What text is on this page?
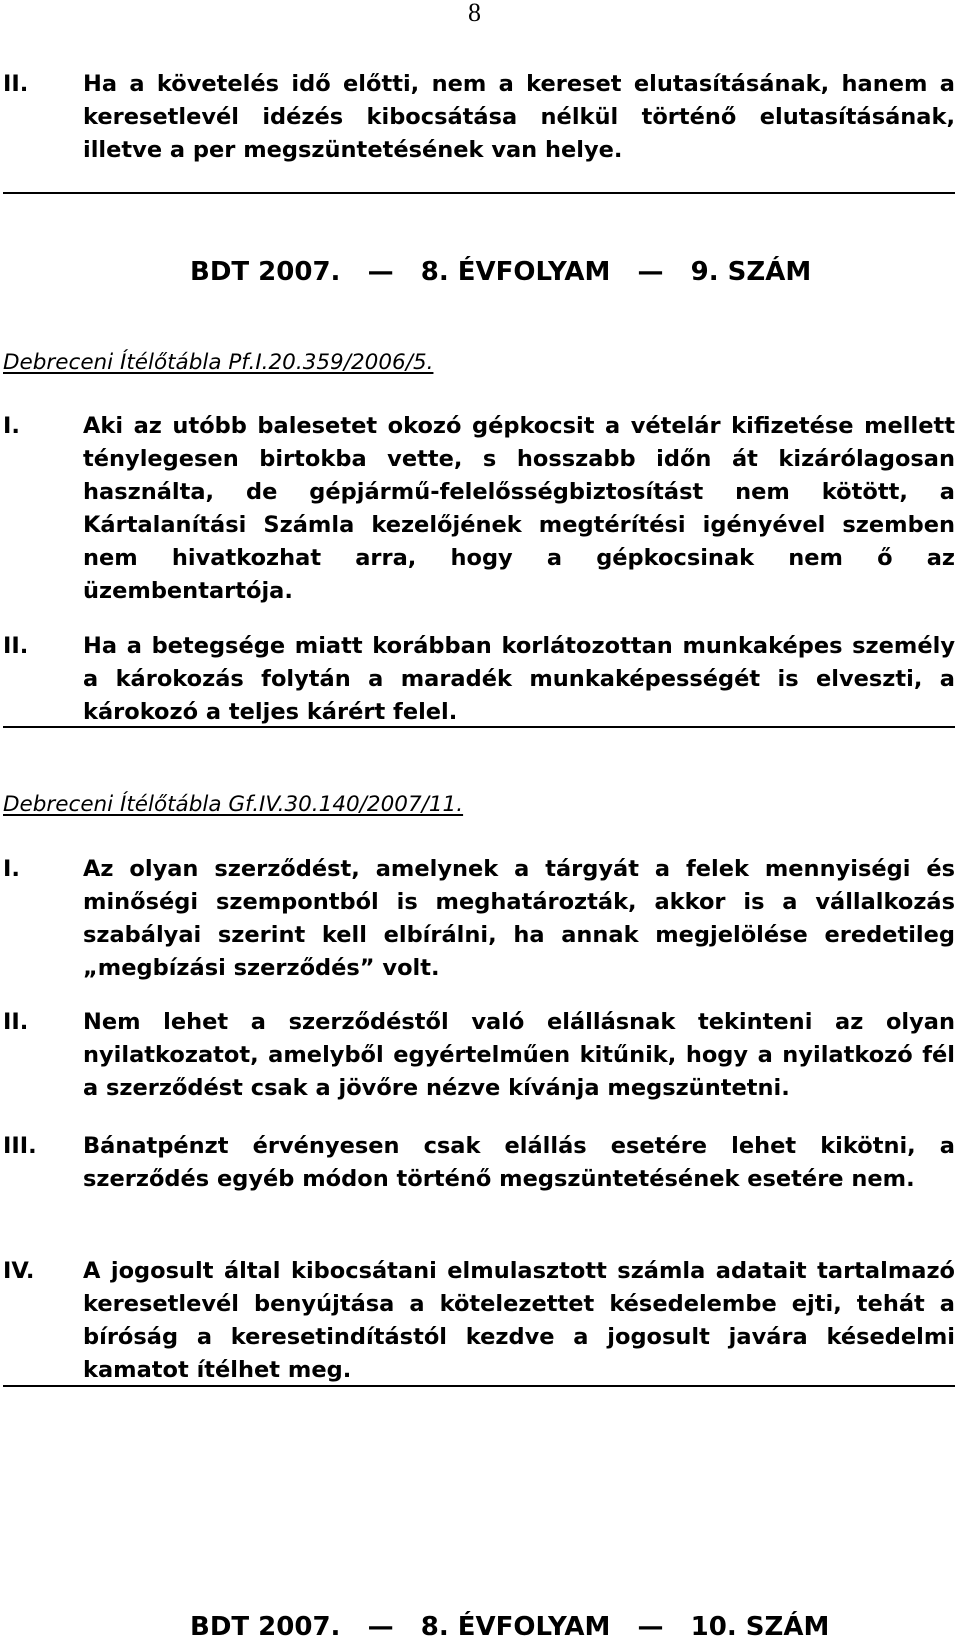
8
II. Ha a követelés idő előtti, nem a kereset elutasításának, hanem a keresetlevél idézés kibocsátása nélkül történő elutasításának, illetve a per megszüntetésének van helye.
BDT 2007.   —   8. ÉVFOLYAM   —   9. SZÁM
Debreceni Ítélőtábla Pf.I.20.359/2006/5.
I.	Aki az utóbb balesetet okozó gépkocsit a vételár kifizetése mellett ténylegesen birtokba vette, s hosszabb időn át kizárólagosan használta, de gépjármű-felelősségbiztosítást nem kötött, a Kártalanítási Számla kezelőjének megtérítési igényével szemben nem hivatkozhat arra, hogy a gépkocsinak nem ő az üzembentartója.
II. Ha a betegsége miatt korábban korlátozottan munkaképes személy a károkozás folytán a maradék munkaképességét is elveszti, a károkozó a teljes kárért felel.
Debreceni Ítélőtábla Gf.IV.30.140/2007/11.
I.	Az olyan szerződést, amelynek a tárgyát a felek mennyiségi és minőségi szempontból is meghatározták, akkor is a vállalkozás szabályai szerint kell elbírálni, ha annak megjelölése eredetileg „megbízási szerződés” volt.
II. Nem lehet a szerződéstől való elállásnak tekinteni az olyan nyilatkozatot, amelyből egyértelműen kitűnik, hogy a nyilatkozó fél a szerződést csak a jövőre nézve kívánja megszüntetni.
III. Bánatpénzt érvényesen csak elállás esetére lehet kikötni, a szerződés egyéb módon történő megszüntetésének esetére nem.
IV. A jogosult által kibocsátani elmulasztott számla adatait tartalmazó keresetlevél benyújtása a kötelezettet késedelembe ejti, tehát a bíróság a keresetindítástól kezdve a jogosult javára késedelmi kamatot ítélhet meg.
BDT 2007.   —   8. ÉVFOLYAM   —   10. SZÁM
